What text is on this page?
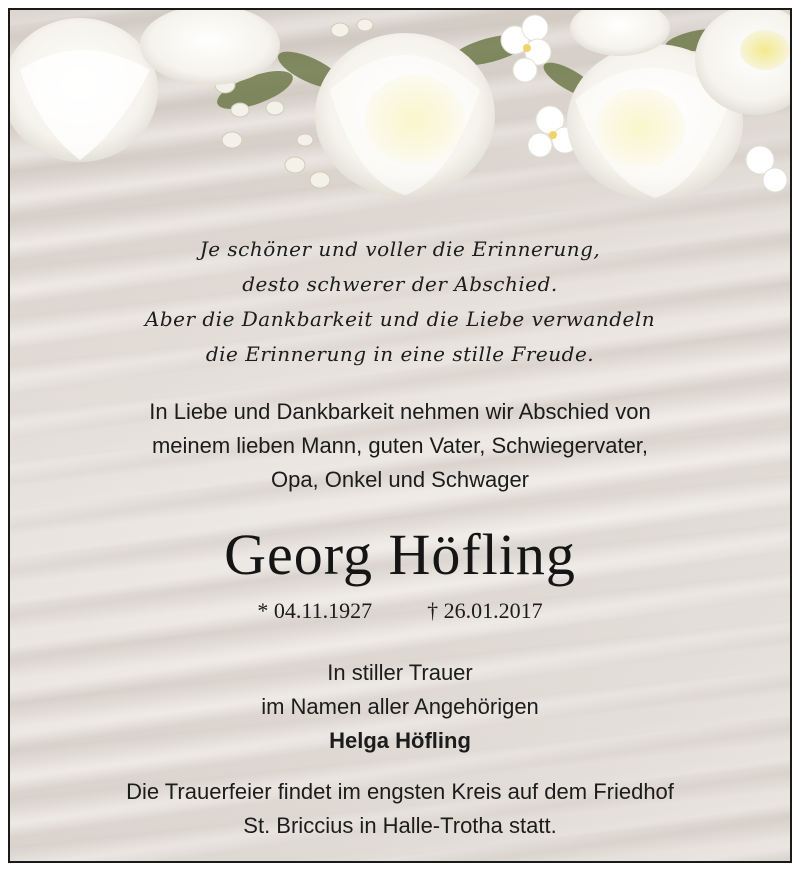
Je schöner und voller die Erinnerung,
desto schwerer der Abschied.
Aber die Dankbarkeit und die Liebe verwandeln
die Erinnerung in eine stille Freude.
In Liebe und Dankbarkeit nehmen wir Abschied von
meinem lieben Mann, guten Vater, Schwiegervater,
Opa, Onkel und Schwager
Georg Höfling
* 04.11.1927	† 26.01.2017
In stiller Trauer
im Namen aller Angehörigen
Helga Höfling
Die Trauerfeier findet im engsten Kreis auf dem Friedhof
St. Briccius in Halle-Trotha statt.
